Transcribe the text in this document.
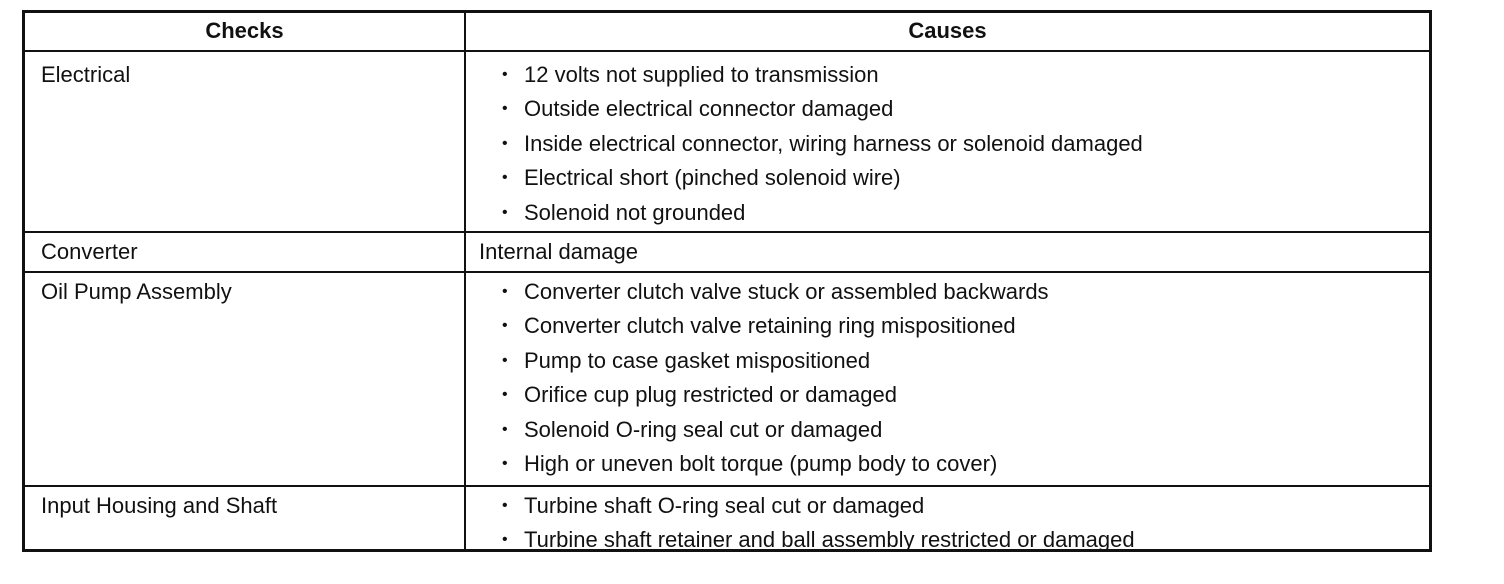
Checks	Causes
Electrical	• 12 volts not supplied to transmission
• Outside electrical connector damaged
• Inside electrical connector, wiring harness or solenoid damaged
• Electrical short (pinched solenoid wire)
• Solenoid not grounded
Converter	Internal damage
Oil Pump Assembly	• Converter clutch valve stuck or assembled backwards
• Converter clutch valve retaining ring mispositioned
• Pump to case gasket mispositioned
• Orifice cup plug restricted or damaged
• Solenoid O-ring seal cut or damaged
• High or uneven bolt torque (pump body to cover)
Input Housing and Shaft	• Turbine shaft O-ring seal cut or damaged
• Turbine shaft retainer and ball assembly restricted or damaged
